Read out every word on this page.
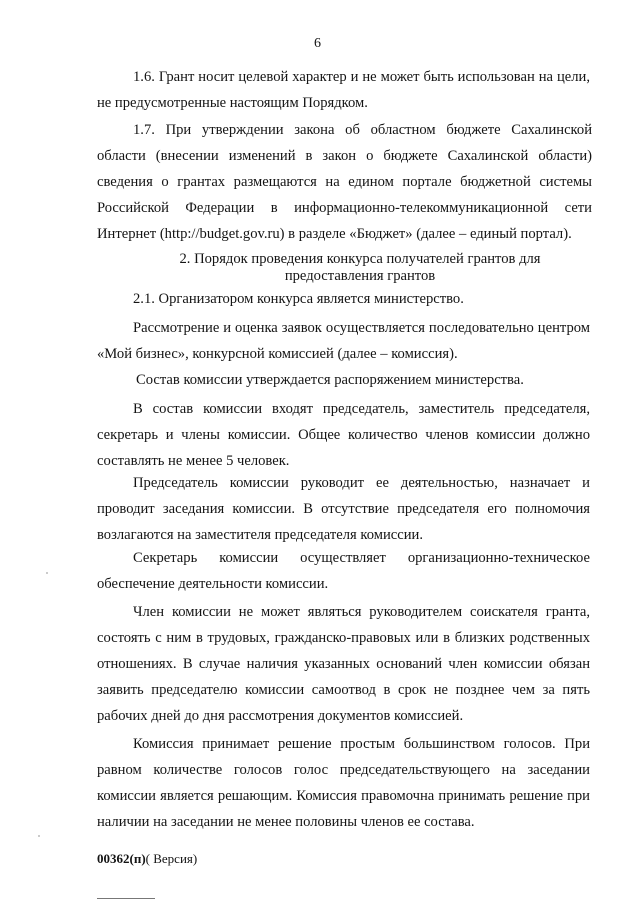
6

1.6. Грант носит целевой характер и не может быть использован на цели, не предусмотренные настоящим Порядком.

1.7. При утверждении закона об областном бюджете Сахалинской области (внесении изменений в закон о бюджете Сахалинской области) сведения о грантах размещаются на едином портале бюджетной системы Российской Федерации в информационно-телекоммуникационной сети Интернет (http://budget.gov.ru) в разделе «Бюджет» (далее – единый портал).

2. Порядок проведения конкурса получателей грантов для предоставления грантов

2.1. Организатором конкурса является министерство.

Рассмотрение и оценка заявок осуществляется последовательно центром «Мой бизнес», конкурсной комиссией (далее – комиссия).

Состав комиссии утверждается распоряжением министерства.

В состав комиссии входят председатель, заместитель председателя, секретарь и члены комиссии. Общее количество членов комиссии должно составлять не менее 5 человек.

Председатель комиссии руководит ее деятельностью, назначает и проводит заседания комиссии. В отсутствие председателя его полномочия возлагаются на заместителя председателя комиссии.

Секретарь комиссии осуществляет организационно-техническое обеспечение деятельности комиссии.

Член комиссии не может являться руководителем соискателя гранта, состоять с ним в трудовых, гражданско-правовых или в близких родственных отношениях. В случае наличия указанных оснований член комиссии обязан заявить председателю комиссии самоотвод в срок не позднее чем за пять рабочих дней до дня рассмотрения документов комиссией.

Комиссия принимает решение простым большинством голосов. При равном количестве голосов голос председательствующего на заседании комиссии является решающим. Комиссия правомочна принимать решение при наличии на заседании не менее половины членов ее состава.

00362(п)( Версия)
